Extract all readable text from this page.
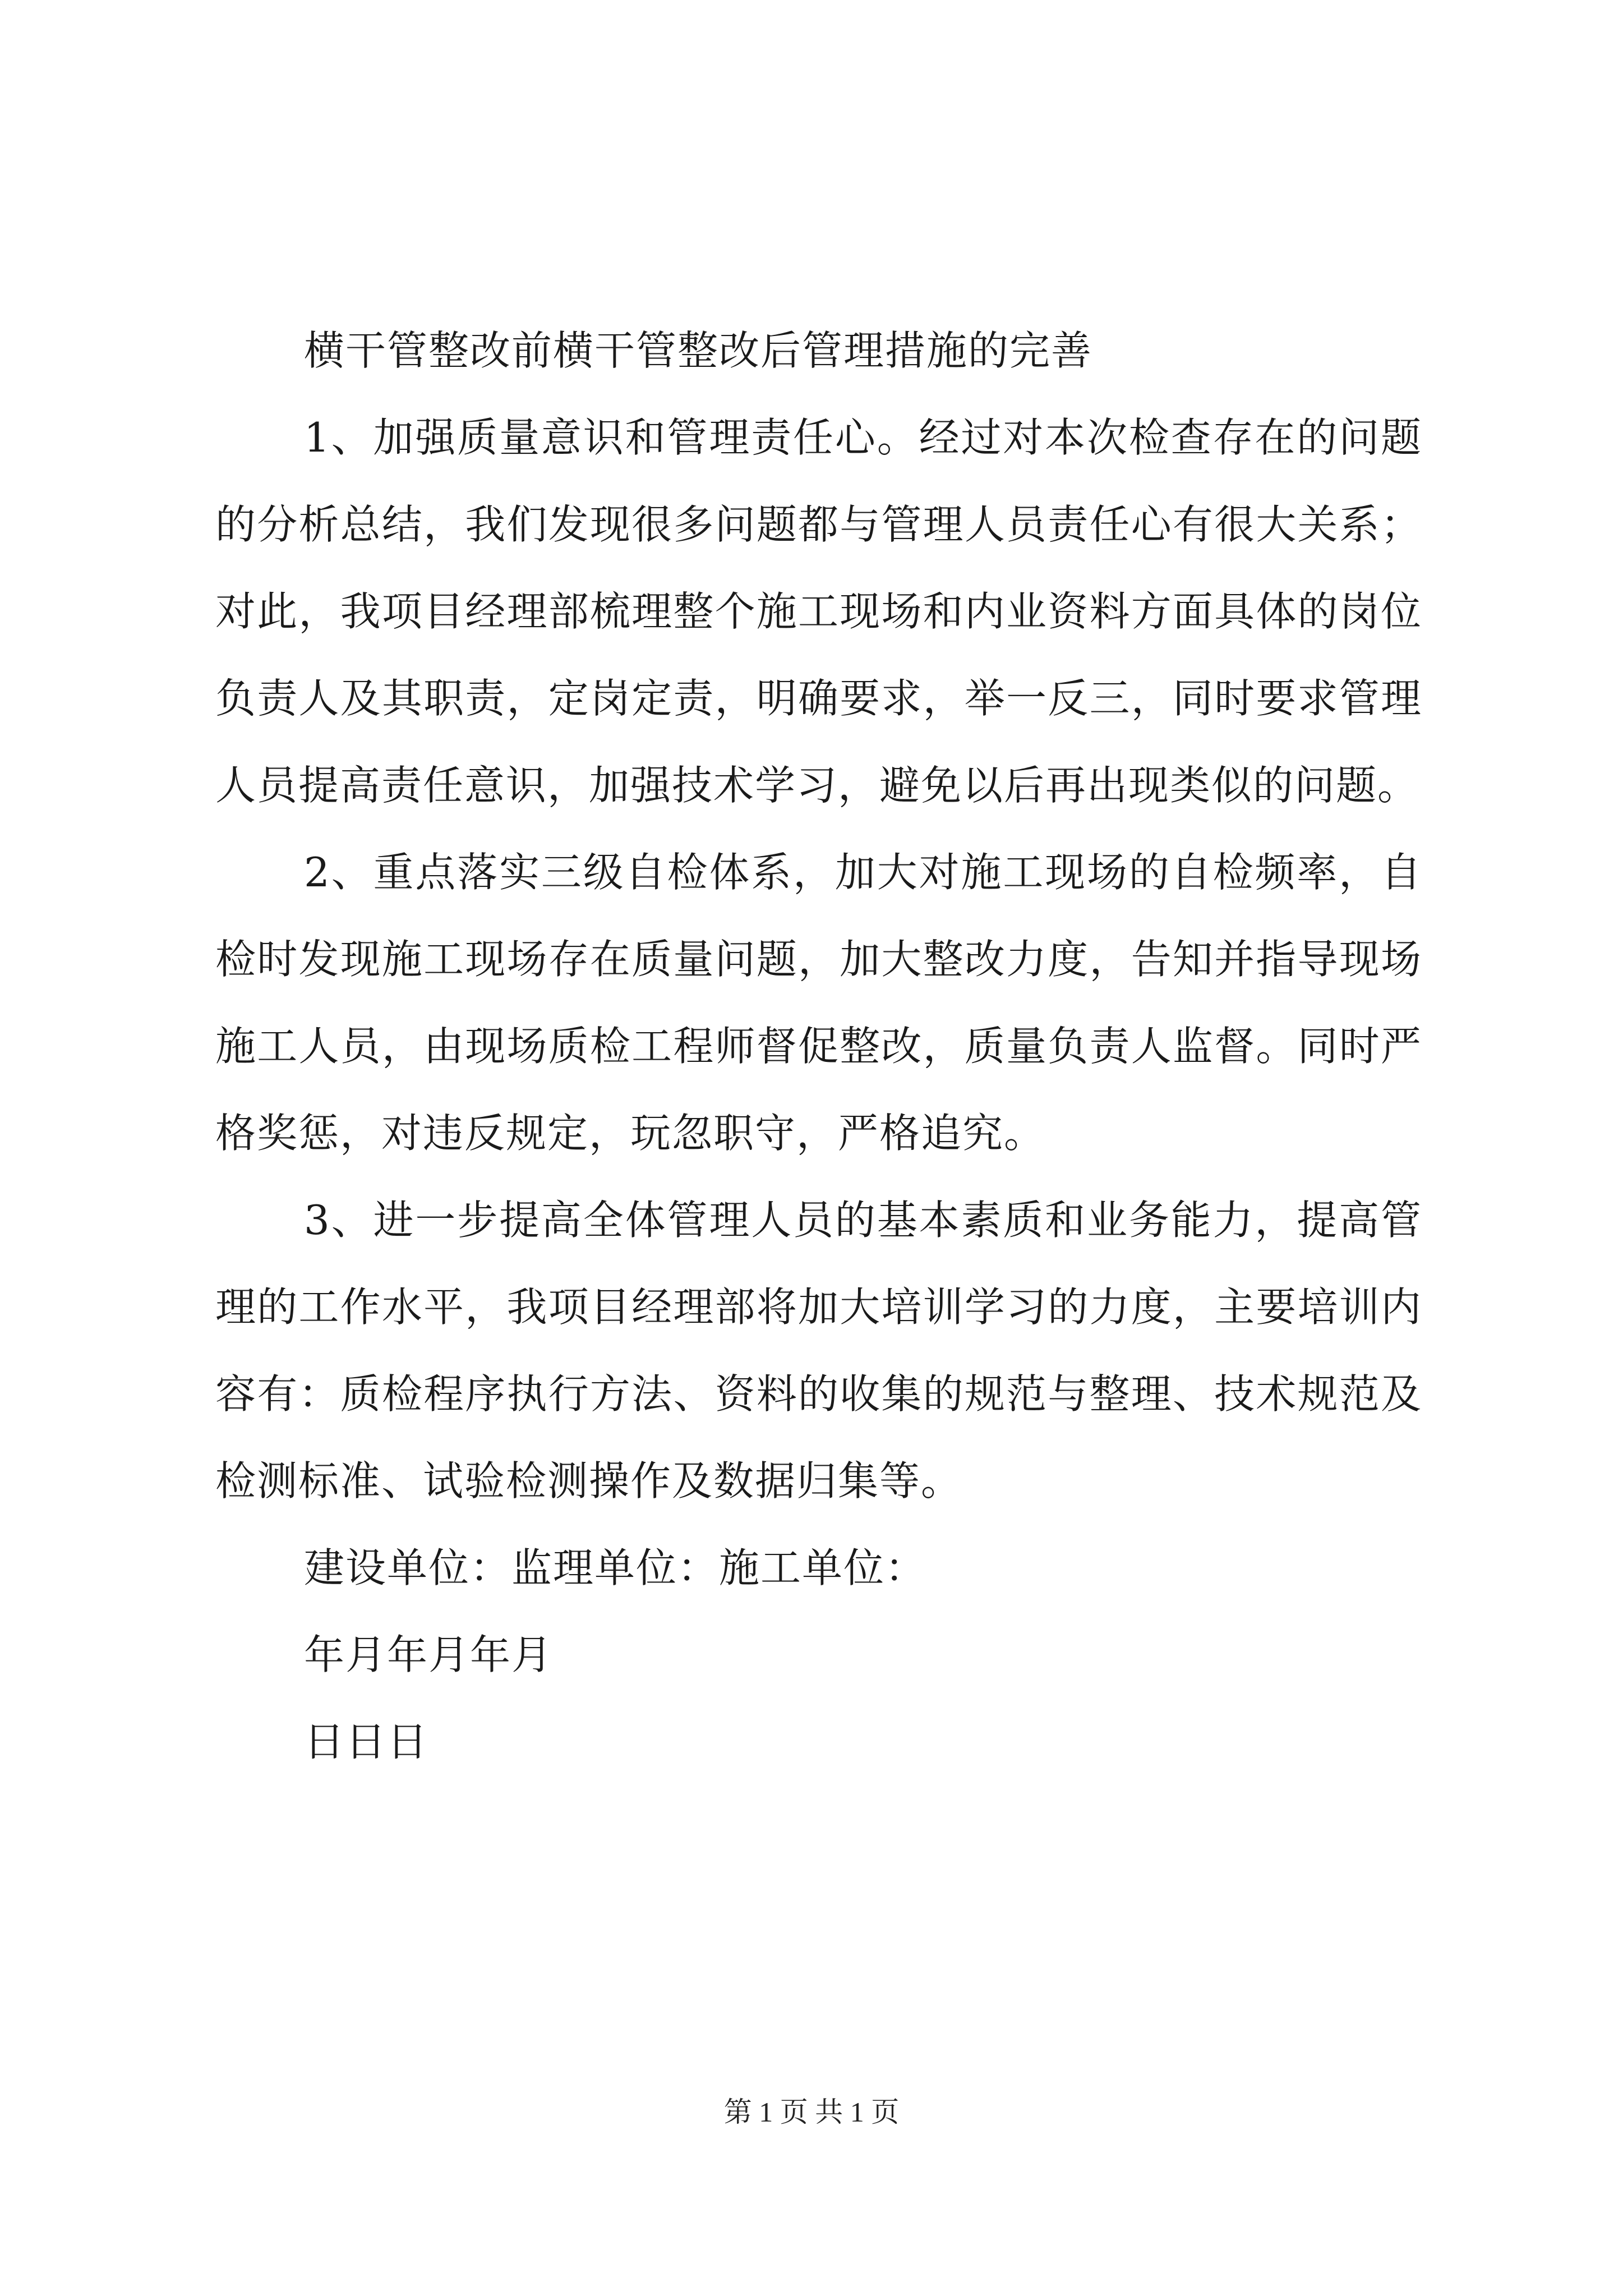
横干管整改前横干管整改后管理措施的完善

1、加强质量意识和管理责任心。经过对本次检查存在的问题的分析总结，我们发现很多问题都与管理人员责任心有很大关系；对此，我项目经理部梳理整个施工现场和内业资料方面具体的岗位负责人及其职责，定岗定责，明确要求，举一反三，同时要求管理人员提高责任意识，加强技术学习，避免以后再出现类似的问题。

2、重点落实三级自检体系，加大对施工现场的自检频率，自检时发现施工现场存在质量问题，加大整改力度，告知并指导现场施工人员，由现场质检工程师督促整改，质量负责人监督。同时严格奖惩，对违反规定，玩忽职守，严格追究。

3、进一步提高全体管理人员的基本素质和业务能力，提高管理的工作水平，我项目经理部将加大培训学习的力度，主要培训内容有：质检程序执行方法、资料的收集的规范与整理、技术规范及检测标准、试验检测操作及数据归集等。

建设单位：监理单位：施工单位：

年月年月年月

日日日

第 1 页 共 1 页
